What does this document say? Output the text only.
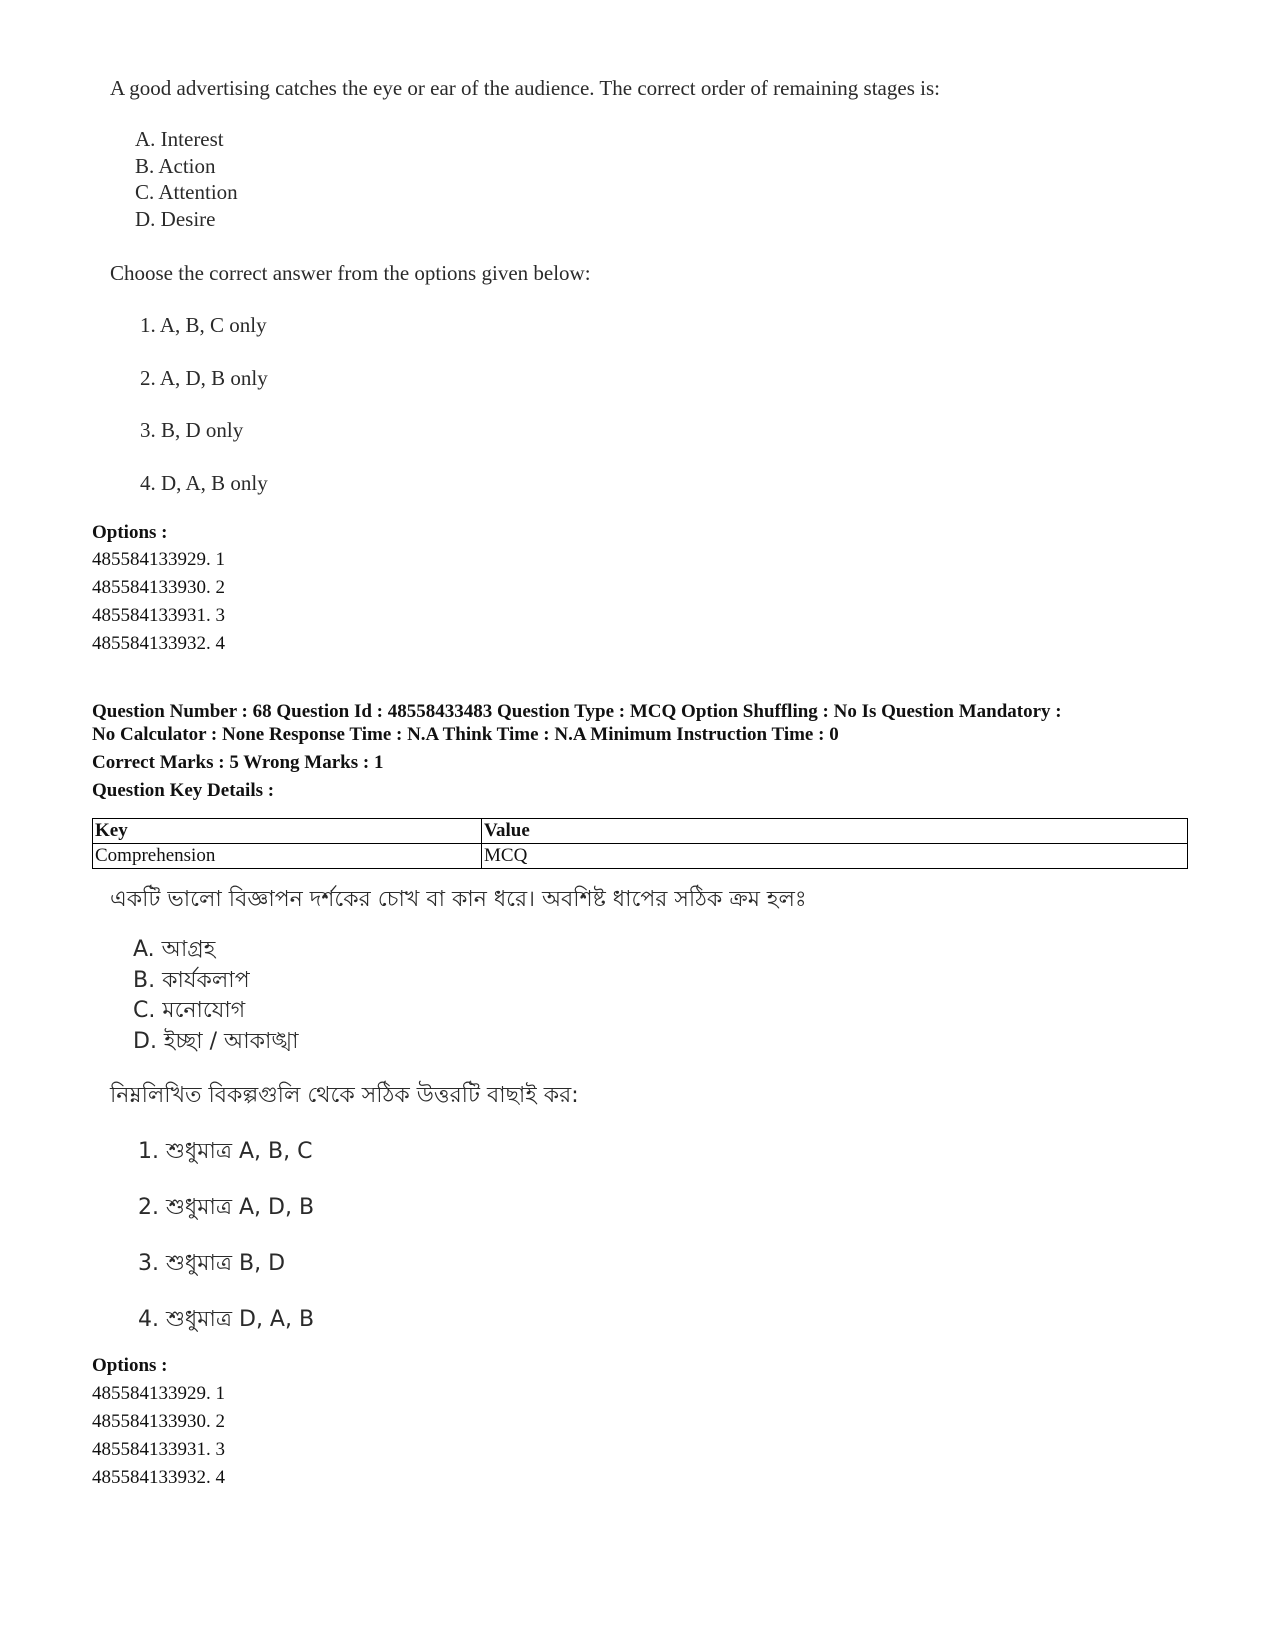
A good advertising catches the eye or ear of the audience. The correct order of remaining stages is:
A. Interest
B. Action
C. Attention
D. Desire
Choose the correct answer from the options given below:
1. A, B, C only
2. A, D, B only
3. B, D only
4. D, A, B only
Options :
485584133929. 1
485584133930. 2
485584133931. 3
485584133932. 4
Question Number : 68 Question Id : 48558433483 Question Type : MCQ Option Shuffling : No Is Question Mandatory :
No Calculator : None Response Time : N.A Think Time : N.A Minimum Instruction Time : 0
Correct Marks : 5 Wrong Marks : 1
Question Key Details :
Key	Value
Comprehension	MCQ
একটি ভালো বিজ্ঞাপন দর্শকের চোখ বা কান ধরে। অবশিষ্ট ধাপের সঠিক ক্রম হলঃ
A. আগ্রহ
B. কার্যকলাপ
C. মনোযোগ
D. ইচ্ছা / আকাঙ্খা
নিম্নলিখিত বিকল্পগুলি থেকে সঠিক উত্তরটি বাছাই কর:
1. শুধুমাত্র A, B, C
2. শুধুমাত্র A, D, B
3. শুধুমাত্র B, D
4. শুধুমাত্র D, A, B
Options :
485584133929. 1
485584133930. 2
485584133931. 3
485584133932. 4
